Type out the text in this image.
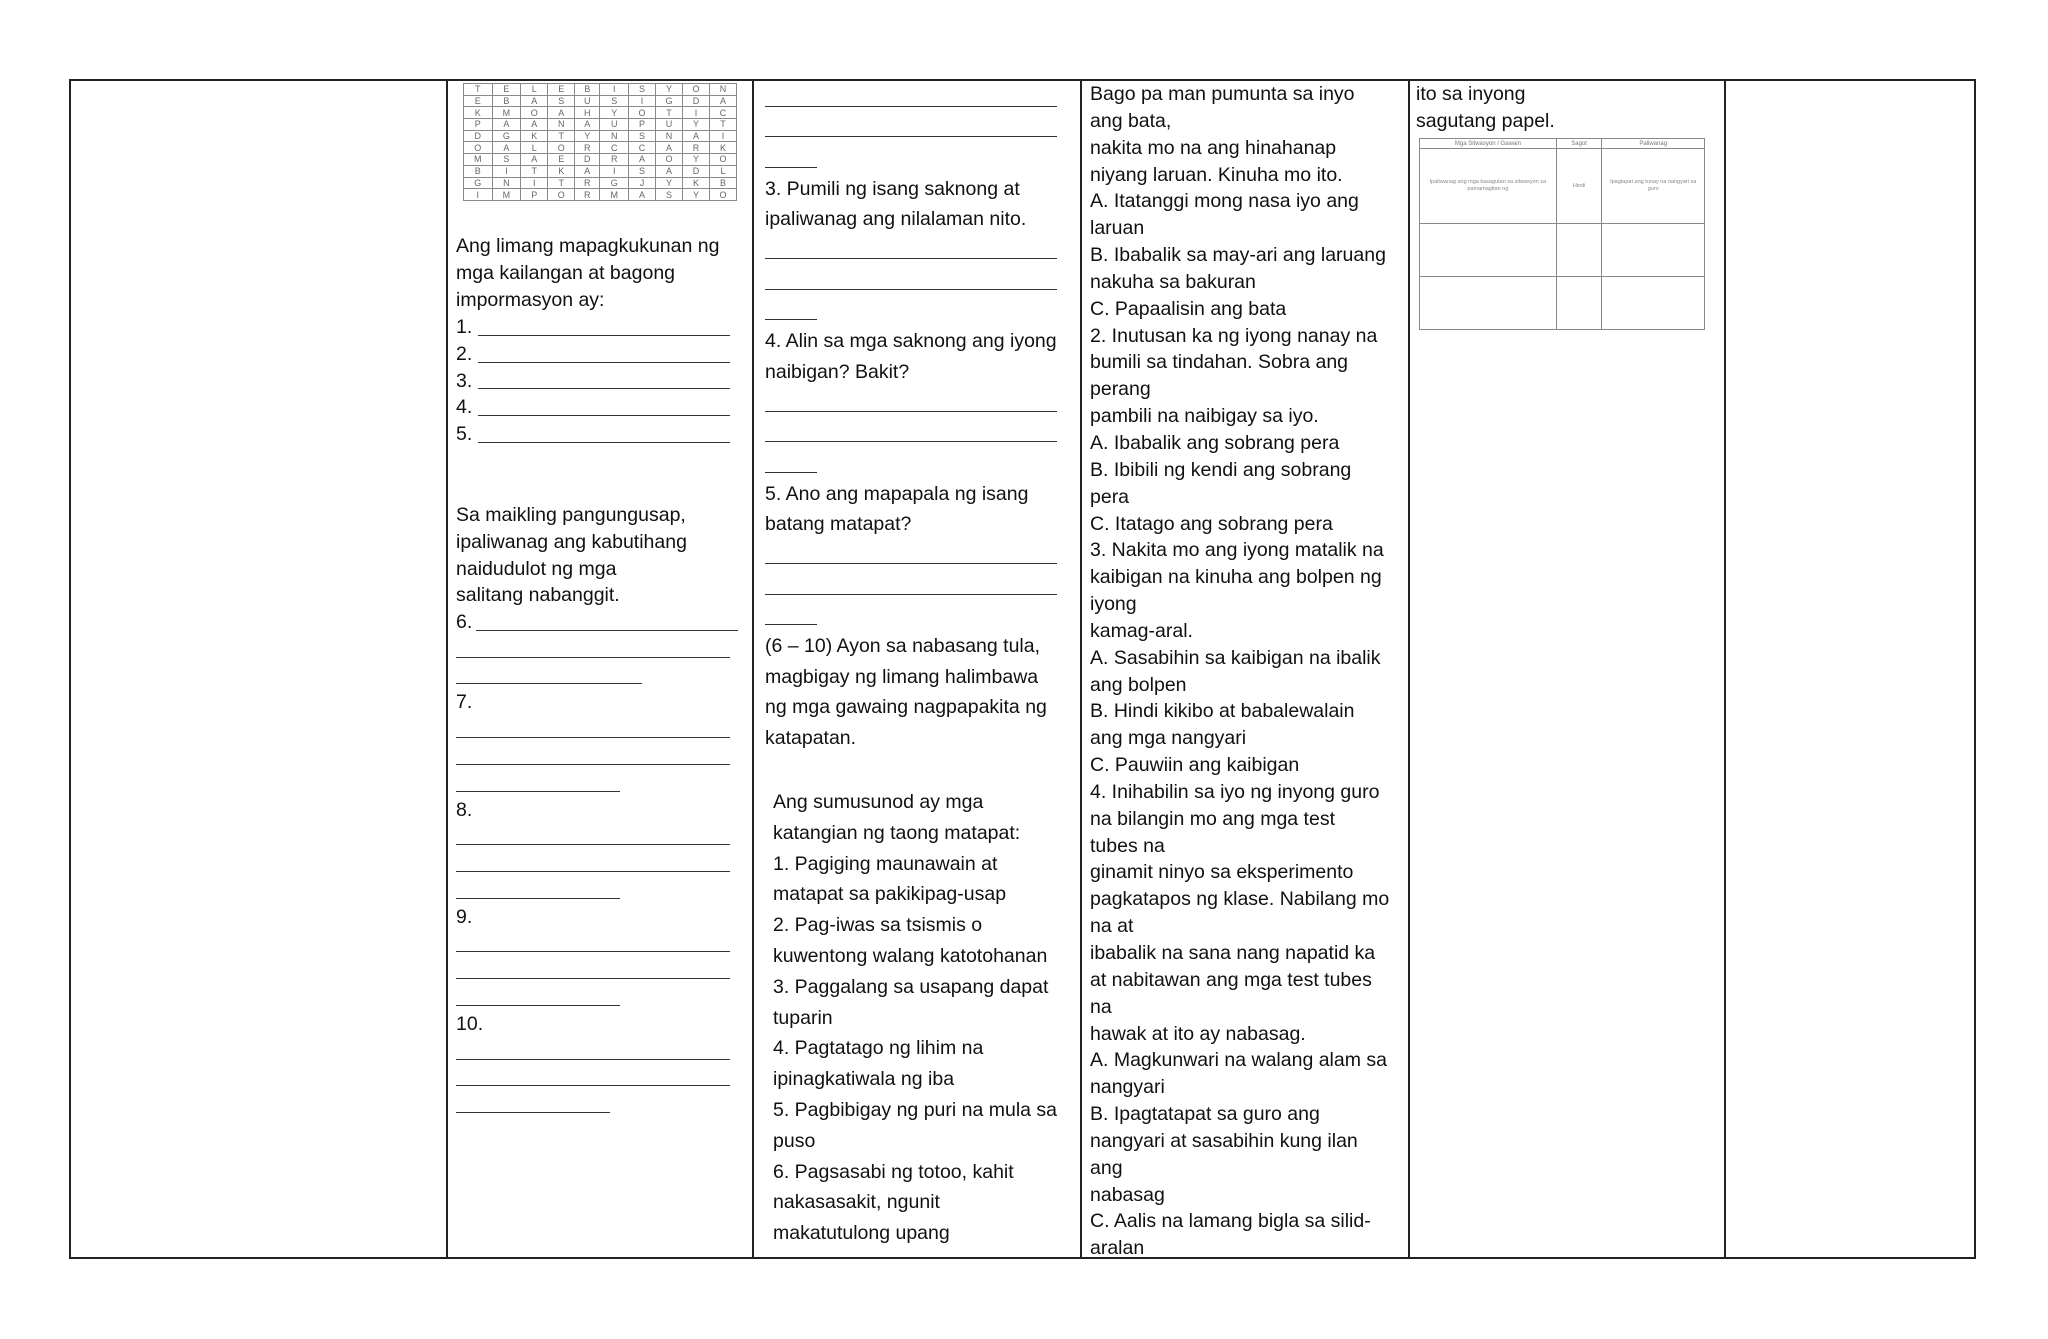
T	E	L	E	B	I	S	Y	O	N
E	B	A	S	U	S	I	G	D	A
K	M	O	A	H	Y	O	T	I	C
P	A	A	N	A	U	P	U	Y	T
D	G	K	T	Y	N	S	N	A	I
O	A	L	O	R	C	C	A	R	K
M	S	A	E	D	R	A	O	Y	O
B	I	T	K	A	I	S	A	D	L
G	N	I	T	R	G	J	Y	K	B
I	M	P	O	R	M	A	S	Y	O
Ang limang mapagkukunan ng
mga kailangan at bagong
impormasyon ay:
1.
2.
3.
4.
5.
Sa maikling pangungusap,
ipaliwanag ang kabutihang
naidudulot ng mga
salitang nabanggit.
6.
7.
8.
9.
10.
3. Pumili ng isang saknong at
ipaliwanag ang nilalaman nito.
4. Alin sa mga saknong ang iyong
naibigan? Bakit?
5. Ano ang mapapala ng isang
batang matapat?
(6 – 10) Ayon sa nabasang tula,
magbigay ng limang halimbawa
ng mga gawaing nagpapakita ng
katapatan.
Ang sumusunod ay mga
katangian ng taong matapat:
1. Pagiging maunawain at
matapat sa pakikipag-usap
2. Pag-iwas sa tsismis o
kuwentong walang katotohanan
3. Paggalang sa usapang dapat
tuparin
4. Pagtatago ng lihim na
ipinagkatiwala ng iba
5. Pagbibigay ng puri na mula sa
puso
6. Pagsasabi ng totoo, kahit
nakasasakit, ngunit
makatutulong upang
Bago pa man pumunta sa inyo
ang bata,
nakita mo na ang hinahanap
niyang laruan. Kinuha mo ito.
A. Itatanggi mong nasa iyo ang
laruan
B. Ibabalik sa may-ari ang laruang
nakuha sa bakuran
C. Papaalisin ang bata
2. Inutusan ka ng iyong nanay na
bumili sa tindahan. Sobra ang
perang
pambili na naibigay sa iyo.
A. Ibabalik ang sobrang pera
B. Ibibili ng kendi ang sobrang
pera
C. Itatago ang sobrang pera
3. Nakita mo ang iyong matalik na
kaibigan na kinuha ang bolpen ng
iyong
kamag-aral.
A. Sasabihin sa kaibigan na ibalik
ang bolpen
B. Hindi kikibo at babalewalain
ang mga nangyari
C. Pauwiin ang kaibigan
4. Inihabilin sa iyo ng inyong guro
na bilangin mo ang mga test
tubes na
ginamit ninyo sa eksperimento
pagkatapos ng klase. Nabilang mo
na at
ibabalik na sana nang napatid ka
at nabitawan ang mga test tubes
na
hawak at ito ay nabasag.
A. Magkunwari na walang alam sa
nangyari
B. Ipagtatapat sa guro ang
nangyari at sasabihin kung ilan
ang
nabasag
C. Aalis na lamang bigla sa silid-
aralan
ito sa inyong
sagutang papel.
Mga Sitwasyon / Gawain	Sagot	Paliwanag
Ipaliwanag ang mga kasagutan sa sitwasyon sa pamamagitan ng	Hindi	Ipagtapat ang tunay na nangyari sa guro
